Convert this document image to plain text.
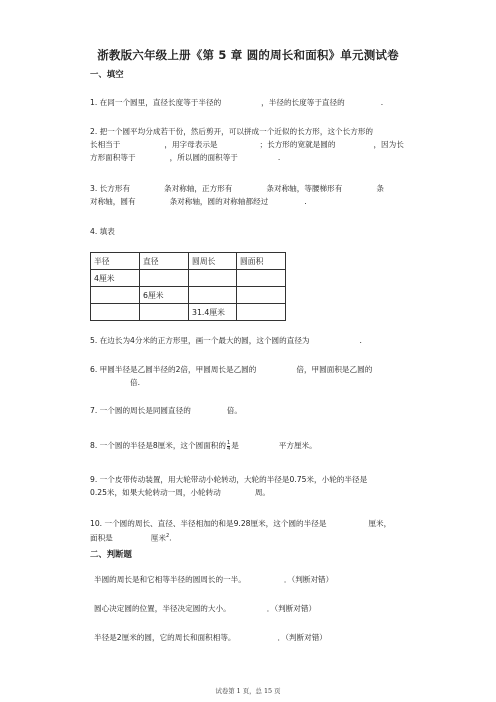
浙教版六年级上册《第 5 章 圆的周长和面积》单元测试卷
一、填空
1. 在同一个圆里，直径长度等于半径的	，半径的长度等于直径的	.
2. 把一个圆平均分成若干份，然后剪开，可以拼成一个近似的长方形，这个长方形的
长相当于	，用字母表示是	；长方形的宽就是圆的	，因为长
方形面积等于	，所以圆的面积等于	.
3. 长方形有	条对称轴，正方形有	条对称轴，等腰梯形有	条
对称轴，圆有	条对称轴，圆的对称轴都经过	.
4. 填表
半径	直径	圆周长	圆面积
4厘米			
	6厘米		
		31.4厘米	
5. 在边长为4分米的正方形里，画一个最大的圆，这个圆的直径为	.
6. 甲圆半径是乙圆半径的2倍，甲圆周长是乙圆的	倍，甲圆面积是乙圆的
倍.
7. 一个圆的周长是同圆直径的	倍。
8. 一个圆的半径是8厘米，这个圆面积的 $\frac{1}{4}$ 是	平方厘米。
9. 一个皮带传动装置，用大轮带动小轮转动，大轮的半径是0.75米，小轮的半径是
0.25米，如果大轮转动一周，小轮转动	周。
10. 一个圆的周长、直径、半径相加的和是9.28厘米，这个圆的半径是	厘米，
面积是	厘米$^2$.
二、判断题
半圆的周长是和它相等半径的圆周长的一半。	．（判断对错）
圆心决定圆的位置，半径决定圆的大小。	．（判断对错）
半径是2厘米的圆，它的周长和面积相等。	．（判断对错）
试卷第 1 页，总 15 页
